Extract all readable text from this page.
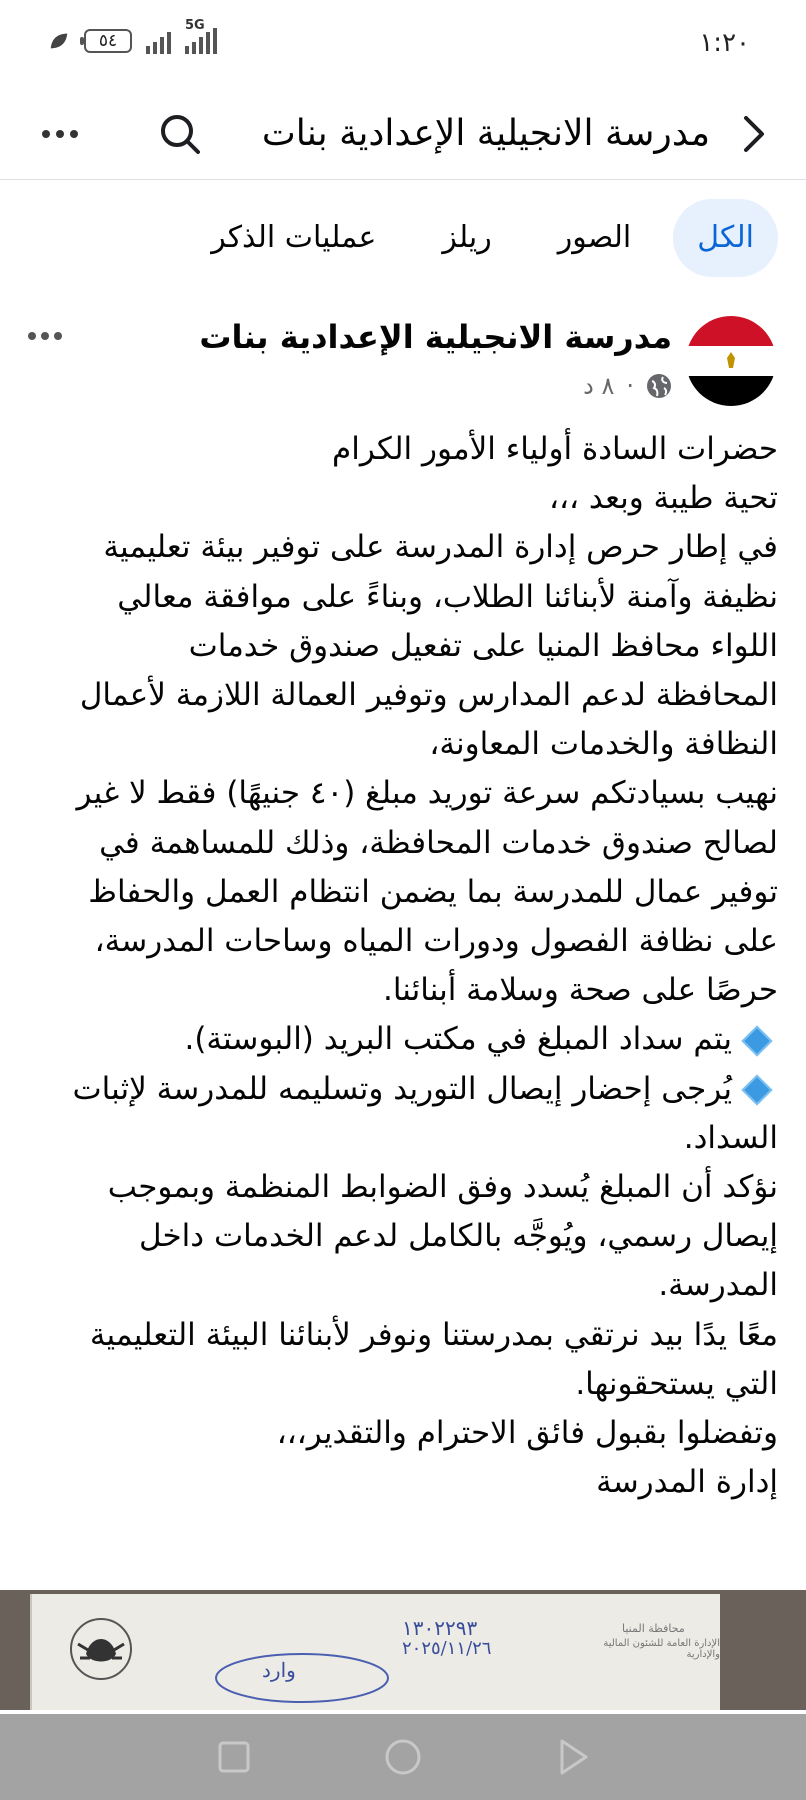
٥٤
5G
١:٢٠
مدرسة الانجيلية الإعدادية بنات
الكل
الصور
ريلز
عمليات الذكر
مدرسة الانجيلية الإعدادية بنات
٨ د ·

حضرات السادة أولياء الأمور الكرام

تحية طيبة وبعد ،،،

في إطار حرص إدارة المدرسة على توفير بيئة تعليمية

نظيفة وآمنة لأبنائنا الطلاب، وبناءً على موافقة معالي

اللواء محافظ المنيا على تفعيل صندوق خدمات

المحافظة لدعم المدارس وتوفير العمالة اللازمة لأعمال

النظافة والخدمات المعاونة،

نهيب بسيادتكم سرعة توريد مبلغ (٤٠ جنيهًا) فقط لا غير

لصالح صندوق خدمات المحافظة، وذلك للمساهمة في

توفير عمال للمدرسة بما يضمن انتظام العمل والحفاظ

على نظافة الفصول ودورات المياه وساحات المدرسة،

حرصًا على صحة وسلامة أبنائنا.

يتم سداد المبلغ في مكتب البريد (البوستة).

يُرجى إحضار إيصال التوريد وتسليمه للمدرسة لإثبات

السداد.

نؤكد أن المبلغ يُسدد وفق الضوابط المنظمة وبموجب

إيصال رسمي، ويُوجَّه بالكامل لدعم الخدمات داخل

المدرسة.

معًا يدًا بيد نرتقي بمدرستنا ونوفر لأبنائنا البيئة التعليمية

التي يستحقونها.

وتفضلوا بقبول فائق الاحترام والتقدير،،،

إدارة المدرسة

محافظة المنيا
الإدارة العامة للشئون المالية والإدارية
١٣٠٢٢٩٣
٢٠٢٥/١١/٢٦
وارد
